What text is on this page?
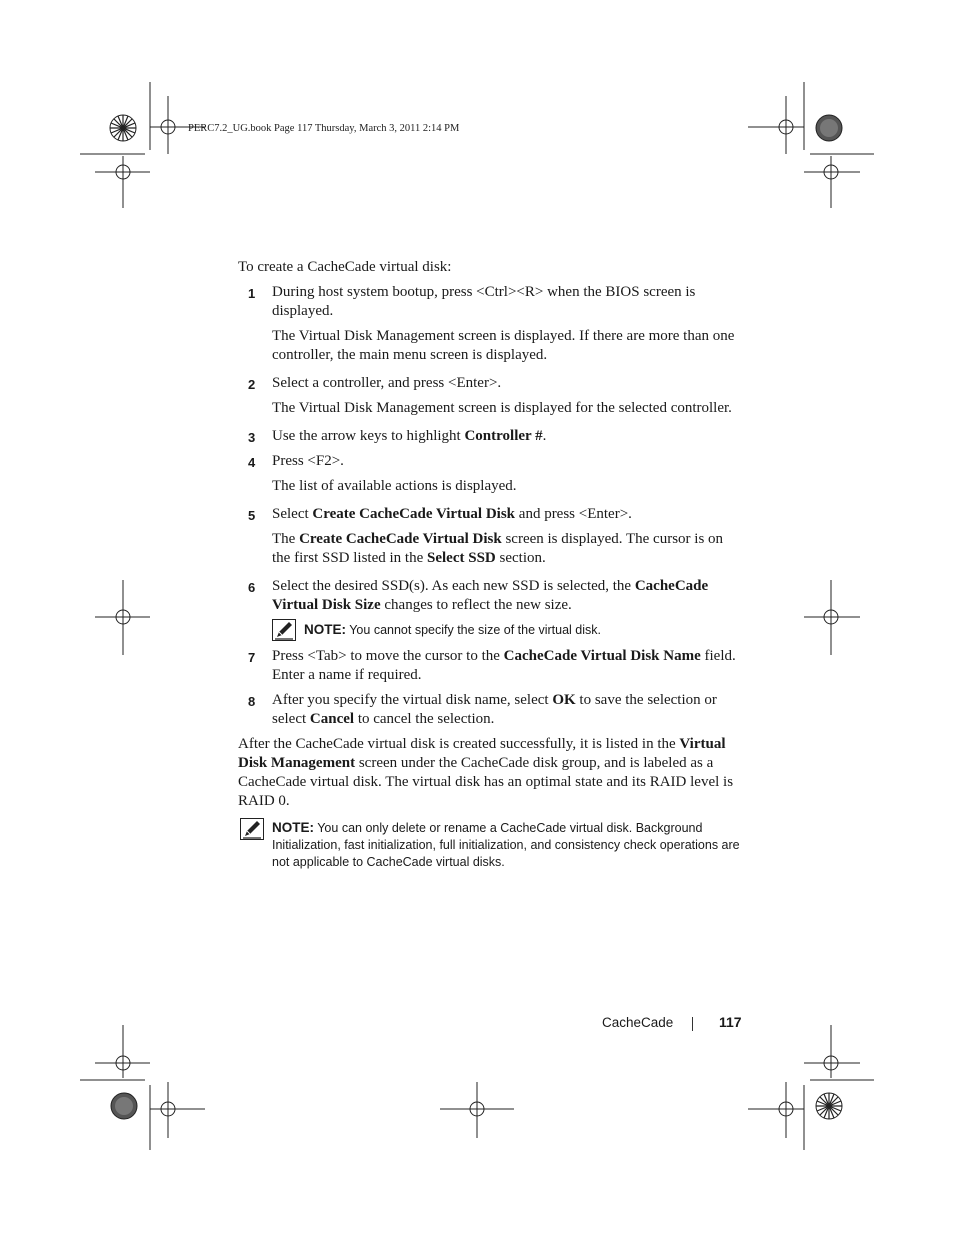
PERC7.2_UG.book Page 117 Thursday, March 3, 2011 2:14 PM

To create a CacheCade virtual disk:

1 During host system bootup, press <Ctrl><R> when the BIOS screen is displayed.

The Virtual Disk Management screen is displayed. If there are more than one controller, the main menu screen is displayed.

2 Select a controller, and press <Enter>.

The Virtual Disk Management screen is displayed for the selected controller.

3 Use the arrow keys to highlight Controller #.
4 Press <F2>.

The list of available actions is displayed.

5 Select Create CacheCade Virtual Disk and press <Enter>.

The Create CacheCade Virtual Disk screen is displayed. The cursor is on the first SSD listed in the Select SSD section.

6 Select the desired SSD(s). As each new SSD is selected, the CacheCade Virtual Disk Size changes to reflect the new size.
NOTE: You cannot specify the size of the virtual disk.
7 Press <Tab> to move the cursor to the CacheCade Virtual Disk Name field. Enter a name if required.
8 After you specify the virtual disk name, select OK to save the selection or select Cancel to cancel the selection.

After the CacheCade virtual disk is created successfully, it is listed in the Virtual Disk Management screen under the CacheCade disk group, and is labeled as a CacheCade virtual disk. The virtual disk has an optimal state and its RAID level is RAID 0.

NOTE: You can only delete or rename a CacheCade virtual disk. Background Initialization, fast initialization, full initialization, and consistency check operations are not applicable to CacheCade virtual disks.
CacheCade	117
